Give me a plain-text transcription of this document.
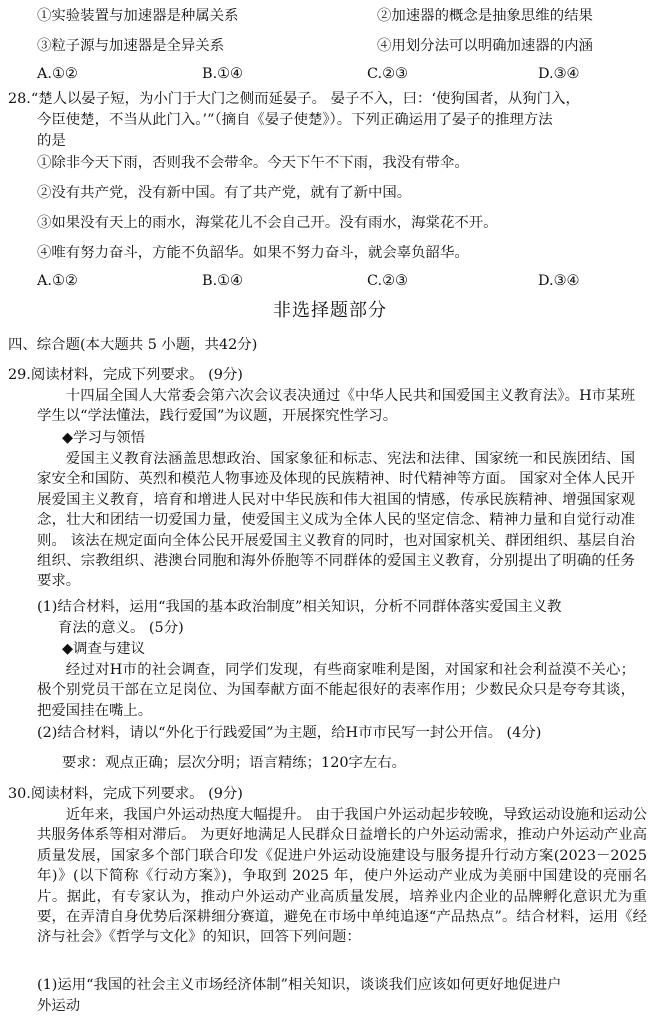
①实验装置与加速器是种属关系	②加速器的概念是抽象思维的结果
③粒子源与加速器是全异关系	④用划分法可以明确加速器的内涵
A.①②	B.①④	C.②③	D.③④
28.“楚人以晏子短，为小门于大门之侧而延晏子。 晏子不入，曰：‘使狗国者，从狗门入，
今臣使楚，不当从此门入。’”（摘自《晏子使楚》）。下列正确运用了晏子的推理方法
的是
①除非今天下雨，否则我不会带伞。今天下午不下雨，我没有带伞。
②没有共产党，没有新中国。有了共产党，就有了新中国。
③如果没有天上的雨水，海棠花儿不会自己开。没有雨水，海棠花不开。
④唯有努力奋斗，方能不负韶华。如果不努力奋斗，就会辜负韶华。
A.①②	B.①④	C.②③	D.③④
非选择题部分
四、综合题(本大题共 5 小题，共42分)
29.阅读材料，完成下列要求。 (9分)
十四届全国人大常委会第六次会议表决通过《中华人民共和国爱国主义教育法》。H市某班学生以“学法懂法，践行爱国”为议题，开展探究性学习。
◆学习与领悟
爱国主义教育法涵盖思想政治、国家象征和标志、宪法和法律、国家统一和民族团结、国家安全和国防、英烈和模范人物事迹及体现的民族精神、时代精神等方面。 国家对全体人民开展爱国主义教育，培育和增进人民对中华民族和伟大祖国的情感，传承民族精神、增强国家观念，壮大和团结一切爱国力量，使爱国主义成为全体人民的坚定信念、精神力量和自觉行动准则。 该法在规定面向全体公民开展爱国主义教育的同时，也对国家机关、群团组织、基层自治组织、宗教组织、港澳台同胞和海外侨胞等不同群体的爱国主义教育，分别提出了明确的任务要求。
(1)结合材料，运用“我国的基本政治制度”相关知识，分析不同群体落实爱国主义教
育法的意义。 (5分)
◆调查与建议
经过对H市的社会调查，同学们发现，有些商家唯利是图，对国家和社会利益漠不关心；极个别党员干部在立足岗位、为国奉献方面不能起很好的表率作用；少数民众只是夸夸其谈，把爱国挂在嘴上。
(2)结合材料，请以“外化于行践爱国”为主题，给H市市民写一封公开信。 (4分)
要求：观点正确；层次分明；语言精练；120字左右。
30.阅读材料，完成下列要求。 (9分)
近年来，我国户外运动热度大幅提升。 由于我国户外运动起步较晚，导致运动设施和运动公共服务体系等相对滞后。 为更好地满足人民群众日益增长的户外运动需求，推动户外运动产业高质量发展，国家多个部门联合印发《促进户外运动设施建设与服务提升行动方案(2023－2025年)》(以下简称《行动方案》)，争取到 2025 年，使户外运动产业成为美丽中国建设的亮丽名片。据此，有专家认为，推动户外运动产业高质量发展，培养业内企业的品牌孵化意识尤为重要，在弄清自身优势后深耕细分赛道，避免在市场中单纯追逐“产品热点”。结合材料，运用《经济与社会》《哲学与文化》的知识，回答下列问题：
(1)运用“我国的社会主义市场经济体制”相关知识，谈谈我们应该如何更好地促进户
外运动
